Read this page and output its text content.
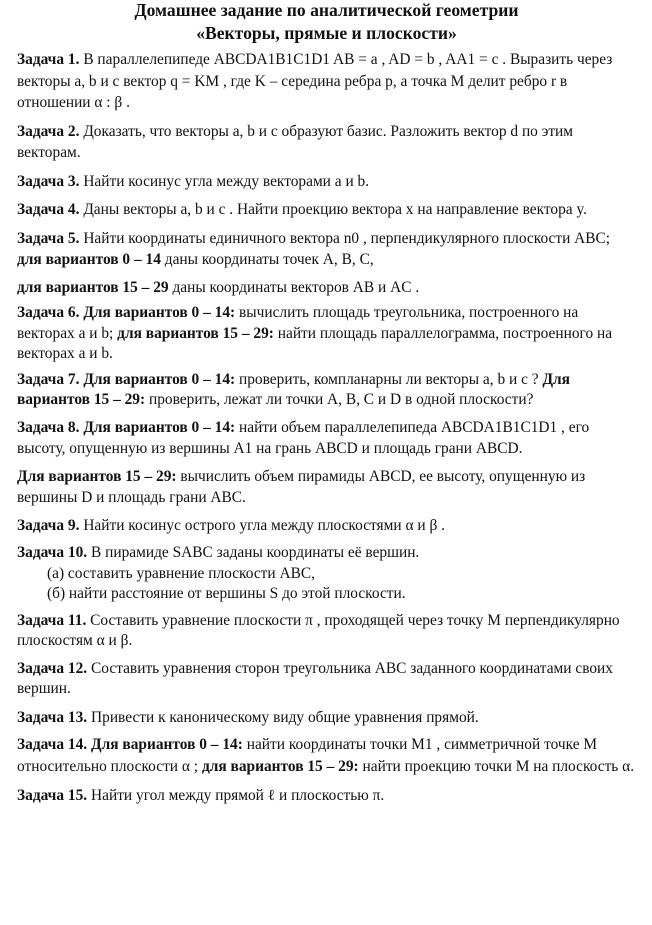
Домашнее задание по аналитической геометрии
«Векторы, прямые и плоскости»
Задача 1. В параллелепипеде ABCDA1B1C1D1 AB = a , AD = b , AA1 = c . Выразить через векторы a, b и c вектор q = KM , где K – середина ребра p, а точка M делит ребро r в отношении α : β .
Задача 2. Доказать, что векторы a, b и c образуют базис. Разложить вектор d по этим векторам.
Задача 3. Найти косинус угла между векторами a и b.
Задача 4. Даны векторы a, b и c . Найти проекцию вектора x на направление вектора y.
Задача 5. Найти координаты единичного вектора n0 , перпендикулярного плоскости ABC; для вариантов 0 – 14 даны координаты точек A, B, C,
для вариантов 15 – 29 даны координаты векторов AB и AC .
Задача 6. Для вариантов 0 – 14: вычислить площадь треугольника, построенного на векторах a и b; для вариантов 15 – 29: найти площадь параллелограмма, построенного на векторах a и b.
Задача 7. Для вариантов 0 – 14: проверить, компланарны ли векторы a, b и c ? Для вариантов 15 – 29: проверить, лежат ли точки A, B, C и D в одной плоскости?
Задача 8. Для вариантов 0 – 14: найти объем параллелепипеда ABCDA1B1C1D1 , его высоту, опущенную из вершины A1 на грань ABCD и площадь грани ABCD.
Для вариантов 15 – 29: вычислить объем пирамиды ABCD, ее высоту, опущенную из вершины D и площадь грани ABC.
Задача 9. Найти косинус острого угла между плоскостями α и β .
Задача 10. В пирамиде SABC заданы координаты её вершин.
(а) составить уравнение плоскости ABC,
(б) найти расстояние от вершины S до этой плоскости.
Задача 11. Составить уравнение плоскости π , проходящей через точку M перпендикулярно плоскостям α и β.
Задача 12. Составить уравнения сторон треугольника ABC заданного координатами своих вершин.
Задача 13. Привести к каноническому виду общие уравнения прямой.
Задача 14. Для вариантов 0 – 14: найти координаты точки M1 , симметричной точке M относительно плоскости α ; для вариантов 15 – 29: найти проекцию точки M на плоскость α.
Задача 15. Найти угол между прямой ℓ и плоскостью π.
